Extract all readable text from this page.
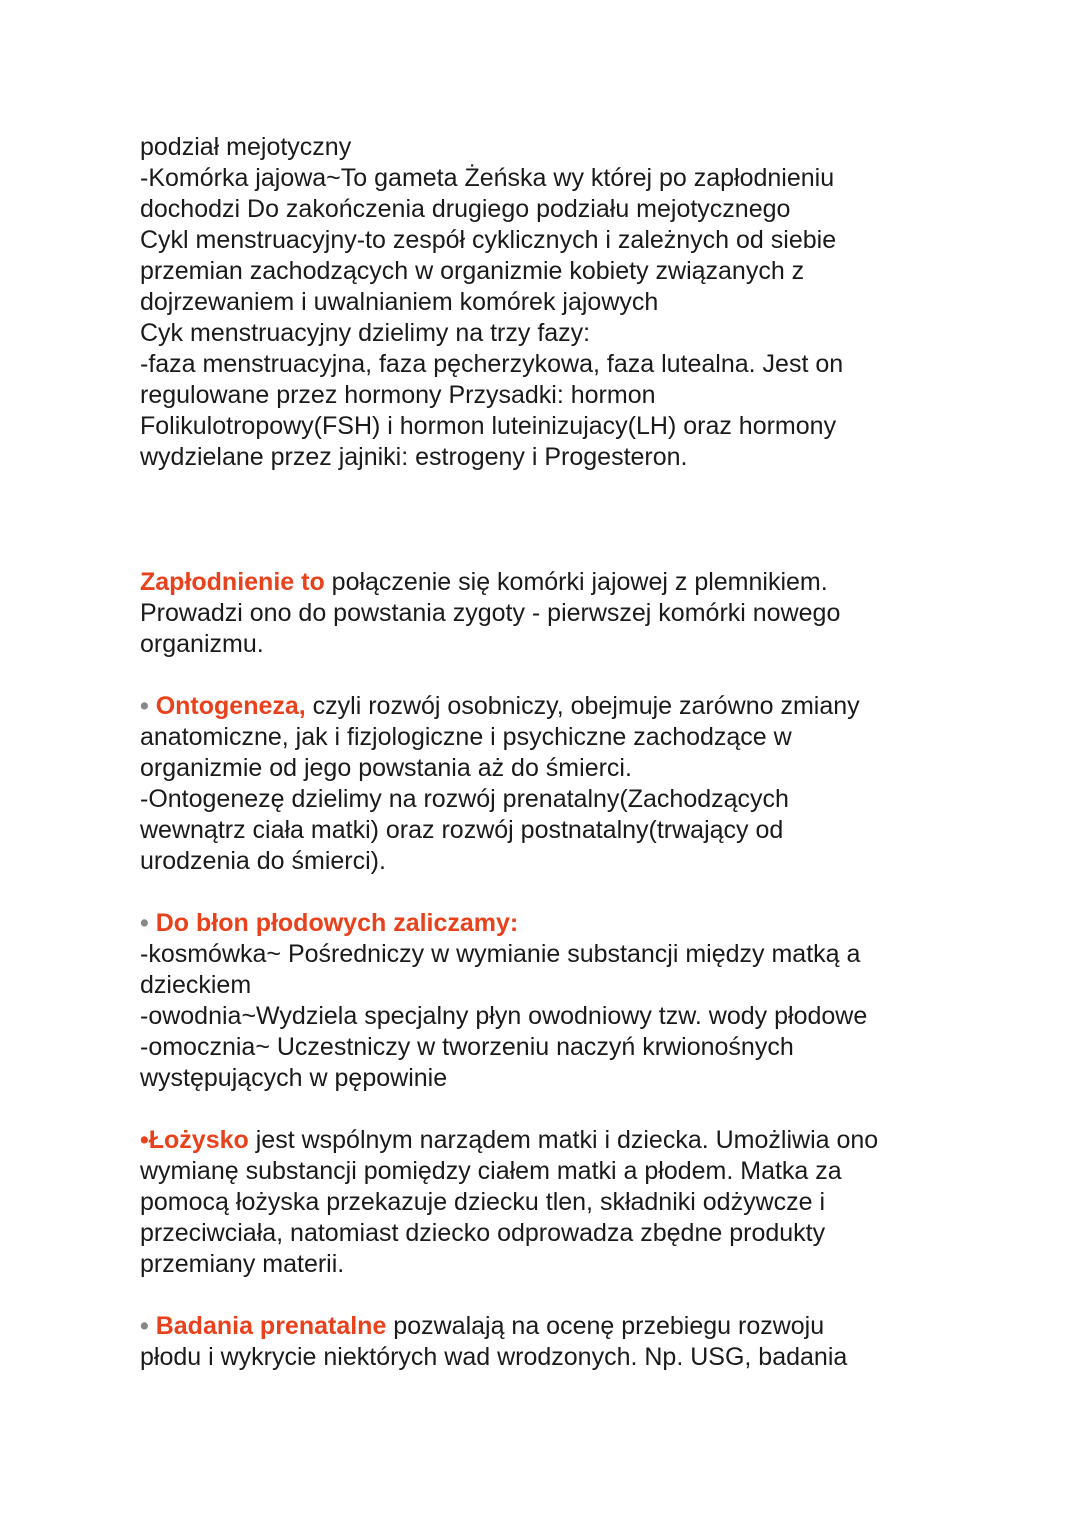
podział mejotyczny
-Komórka jajowa~To gameta Żeńska wy której po zapłodnieniu
dochodzi Do zakończenia drugiego podziału mejotycznego
Cykl menstruacyjny-to zespół cyklicznych i zależnych od siebie
przemian zachodzących w organizmie kobiety związanych z
dojrzewaniem i uwalnianiem komórek jajowych
Cyk menstruacyjny dzielimy na trzy fazy:
-faza menstruacyjna, faza pęcherzykowa, faza lutealna. Jest on
regulowane przez hormony Przysadki: hormon
Folikulotropowy(FSH) i hormon luteinizujacy(LH) oraz hormony
wydzielane przez jajniki: estrogeny i Progesteron.
Zapłodnienie to połączenie się komórki jajowej z plemnikiem.
Prowadzi ono do powstania zygoty - pierwszej komórki nowego
organizmu.
• Ontogeneza, czyli rozwój osobniczy, obejmuje zarówno zmiany
anatomiczne, jak i fizjologiczne i psychiczne zachodzące w
organizmie od jego powstania aż do śmierci.
-Ontogenezę dzielimy na rozwój prenatalny(Zachodzących
wewnątrz ciała matki) oraz rozwój postnatalny(trwający od
urodzenia do śmierci).
• Do błon płodowych zaliczamy:
-kosmówka~ Pośredniczy w wymianie substancji między matką a
dzieckiem
-owodnia~Wydziela specjalny płyn owodniowy tzw. wody płodowe
-omocznia~ Uczestniczy w tworzeniu naczyń krwionośnych
występujących w pępowinie
•Łożysko jest wspólnym narządem matki i dziecka. Umożliwia ono
wymianę substancji pomiędzy ciałem matki a płodem. Matka za
pomocą łożyska przekazuje dziecku tlen, składniki odżywcze i
przeciwciała, natomiast dziecko odprowadza zbędne produkty
przemiany materii.
• Badania prenatalne pozwalają na ocenę przebiegu rozwoju
płodu i wykrycie niektórych wad wrodzonych. Np. USG, badania
